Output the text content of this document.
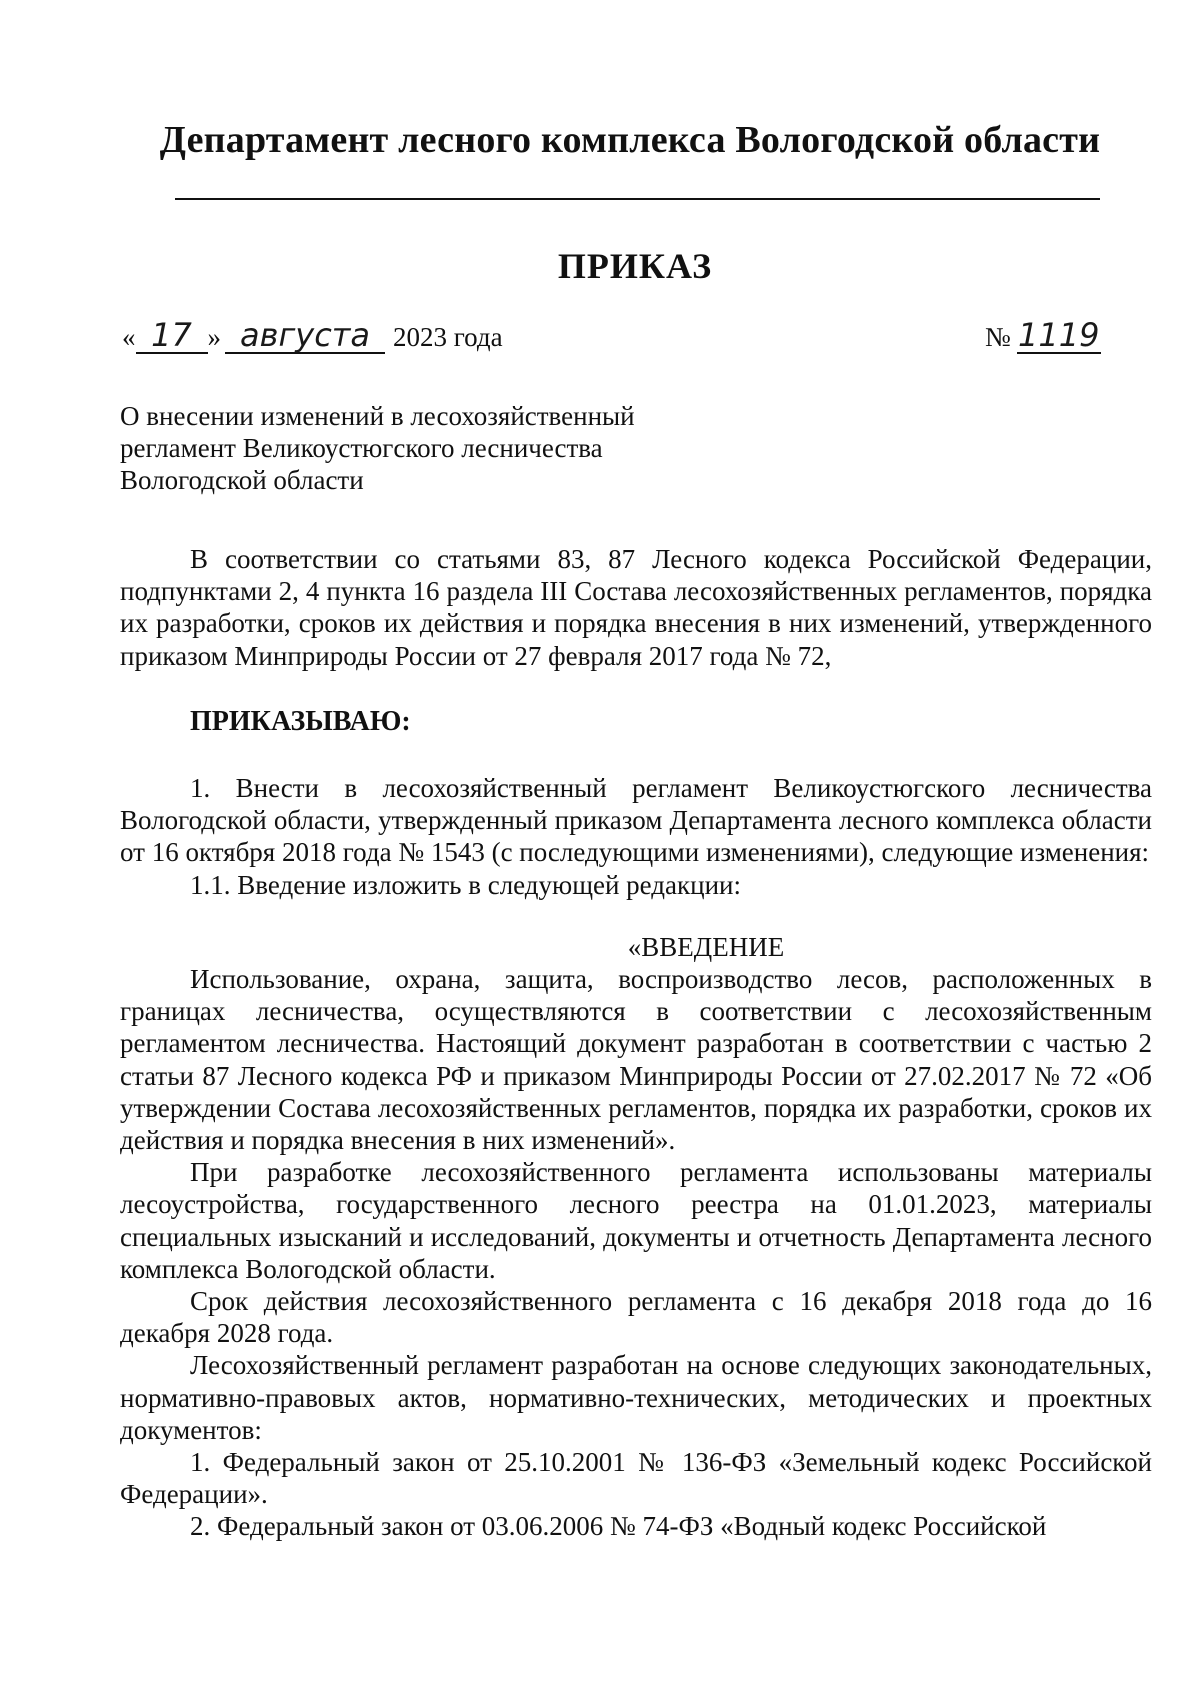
Департамент лесного комплекса Вологодской области
ПРИКАЗ
« 17 » августа 2023 года	№ 1119
О внесении изменений в лесохозяйственный
регламент Великоустюгского лесничества
Вологодской области

В соответствии со статьями 83, 87 Лесного кодекса Российской Федерации, подпунктами 2, 4 пункта 16 раздела III Состава лесохозяйственных регламентов, порядка их разработки, сроков их действия и порядка внесения в них изменений, утвержденного приказом Минприроды России от 27 февраля 2017 года № 72,

ПРИКАЗЫВАЮ:

1. Внести в лесохозяйственный регламент Великоустюгского лесничества Вологодской области, утвержденный приказом Департамента лесного комплекса области от 16 октября 2018 года № 1543 (с последующими изменениями), следующие изменения:

1.1. Введение изложить в следующей редакции:

«ВВЕДЕНИЕ

Использование, охрана, защита, воспроизводство лесов, расположенных в границах лесничества, осуществляются в соответствии с лесохозяйственным регламентом лесничества. Настоящий документ разработан в соответствии с частью 2 статьи 87 Лесного кодекса РФ и приказом Минприроды России от 27.02.2017 № 72 «Об утверждении Состава лесохозяйственных регламентов, порядка их разработки, сроков их действия и порядка внесения в них изменений».

При разработке лесохозяйственного регламента использованы материалы лесоустройства, государственного лесного реестра на 01.01.2023, материалы специальных изысканий и исследований, документы и отчетность Департамента лесного комплекса Вологодской области.

Срок действия лесохозяйственного регламента с 16 декабря 2018 года до 16 декабря 2028 года.

Лесохозяйственный регламент разработан на основе следующих законодательных, нормативно-правовых актов, нормативно-технических, методических и проектных документов:

1. Федеральный закон от 25.10.2001 № 136-ФЗ «Земельный кодекс Российской Федерации».

2. Федеральный закон от 03.06.2006 № 74-ФЗ «Водный кодекс Российской
